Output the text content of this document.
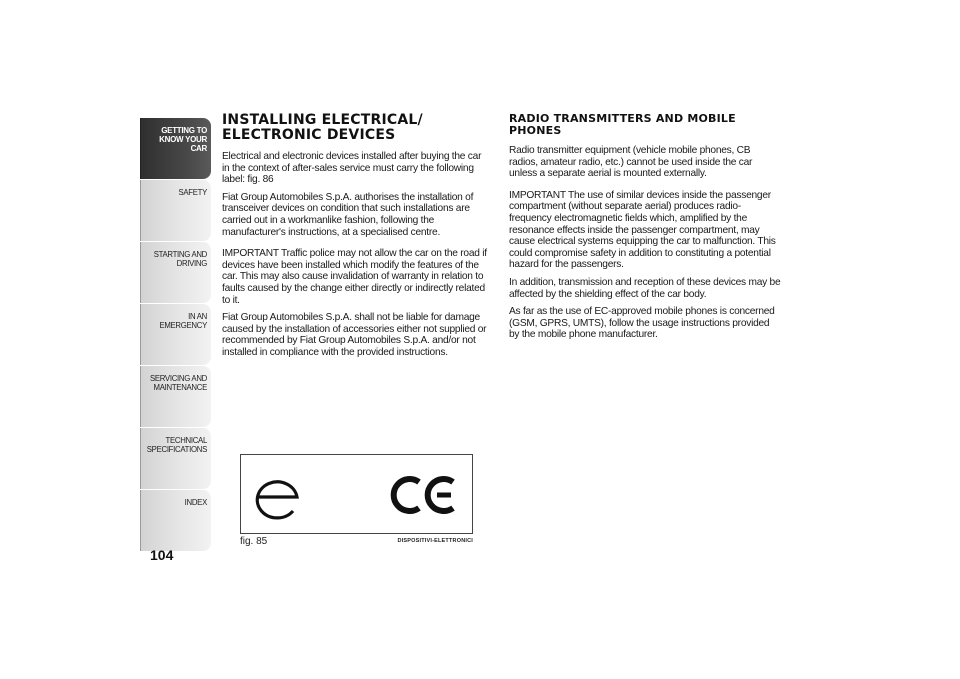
GETTING TO
KNOW YOUR CAR
SAFETY
STARTING AND
DRIVING
IN AN EMERGENCY
SERVICING AND
MAINTENANCE
TECHNICAL
SPECIFICATIONS
INDEX
104
INSTALLING ELECTRICAL/
ELECTRONIC DEVICES

Electrical and electronic devices installed after buying the car in the context of after-sales service must carry the following label: fig. 86

Fiat Group Automobiles S.p.A. authorises the installation of transceiver devices on condition that such installations are carried out in a workmanlike fashion, following the manufacturer's instructions, at a specialised centre.

IMPORTANT Traffic police may not allow the car on the road if devices have been installed which modify the features of the car. This may also cause invalidation of warranty in relation to faults caused by the change either directly or indirectly related to it.

Fiat Group Automobiles S.p.A. shall not be liable for damage caused by the installation of accessories either not supplied or recommended by Fiat Group Automobiles S.p.A. and/or not installed in compliance with the provided instructions.

RADIO TRANSMITTERS AND MOBILE
PHONES

Radio transmitter equipment (vehicle mobile phones, CB radios, amateur radio, etc.) cannot be used inside the car unless a separate aerial is mounted externally.

IMPORTANT The use of similar devices inside the passenger compartment (without separate aerial) produces radio-frequency electromagnetic fields which, amplified by the resonance effects inside the passenger compartment, may cause electrical systems equipping the car to malfunction. This could compromise safety in addition to constituting a potential hazard for the passengers.

In addition, transmission and reception of these devices may be affected by the shielding effect of the car body.

As far as the use of EC-approved mobile phones is concerned (GSM, GPRS, UMTS), follow the usage instructions provided by the mobile phone manufacturer.

fig. 85	DISPOSITIVI-ELETTRONICI
